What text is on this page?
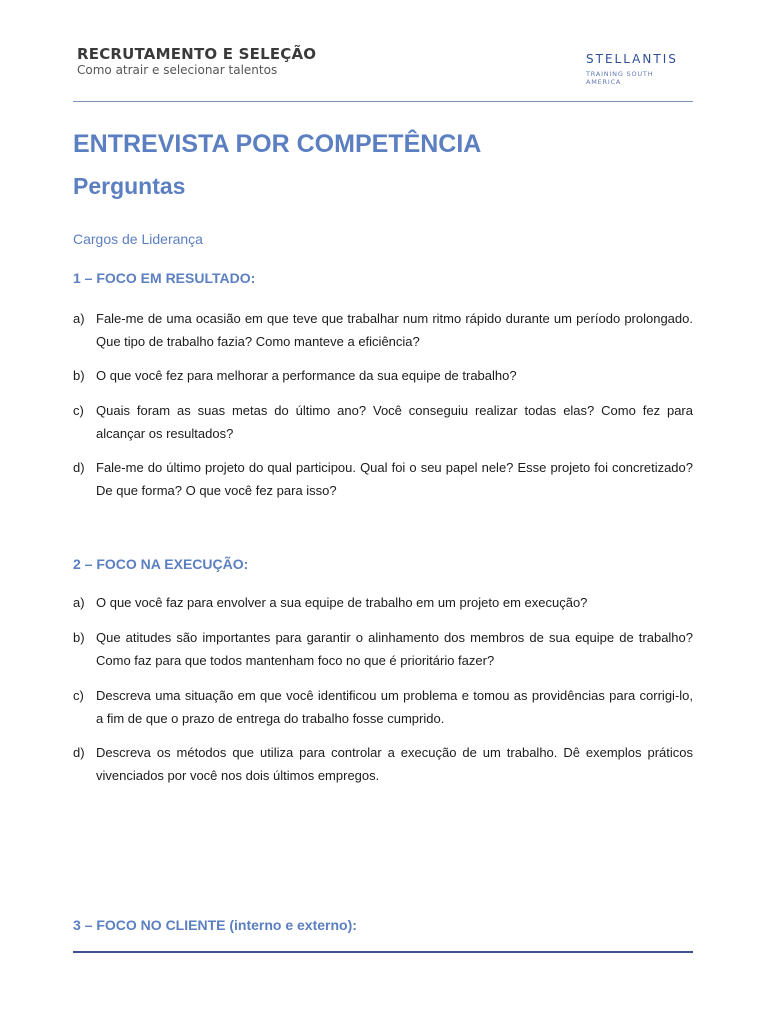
RECRUTAMENTO E SELEÇÃO
Como atrair e selecionar talentos
STELLANTIS
TRAINING SOUTH AMERICA
ENTREVISTA POR COMPETÊNCIA
Perguntas
Cargos de Liderança
1 – FOCO EM RESULTADO:
a) Fale-me de uma ocasião em que teve que trabalhar num ritmo rápido durante um período prolongado. Que tipo de trabalho fazia? Como manteve a eficiência?
b) O que você fez para melhorar a performance da sua equipe de trabalho?
c) Quais foram as suas metas do último ano? Você conseguiu realizar todas elas? Como fez para alcançar os resultados?
d) Fale-me do último projeto do qual participou. Qual foi o seu papel nele? Esse projeto foi concretizado? De que forma? O que você fez para isso?
2 – FOCO NA EXECUÇÃO:
a) O que você faz para envolver a sua equipe de trabalho em um projeto em execução?
b) Que atitudes são importantes para garantir o alinhamento dos membros de sua equipe de trabalho? Como faz para que todos mantenham foco no que é prioritário fazer?
c) Descreva uma situação em que você identificou um problema e tomou as providências para corrigi-lo, a fim de que o prazo de entrega do trabalho fosse cumprido.
d) Descreva os métodos que utiliza para controlar a execução de um trabalho. Dê exemplos práticos vivenciados por você nos dois últimos empregos.
3 – FOCO NO CLIENTE (interno e externo):
